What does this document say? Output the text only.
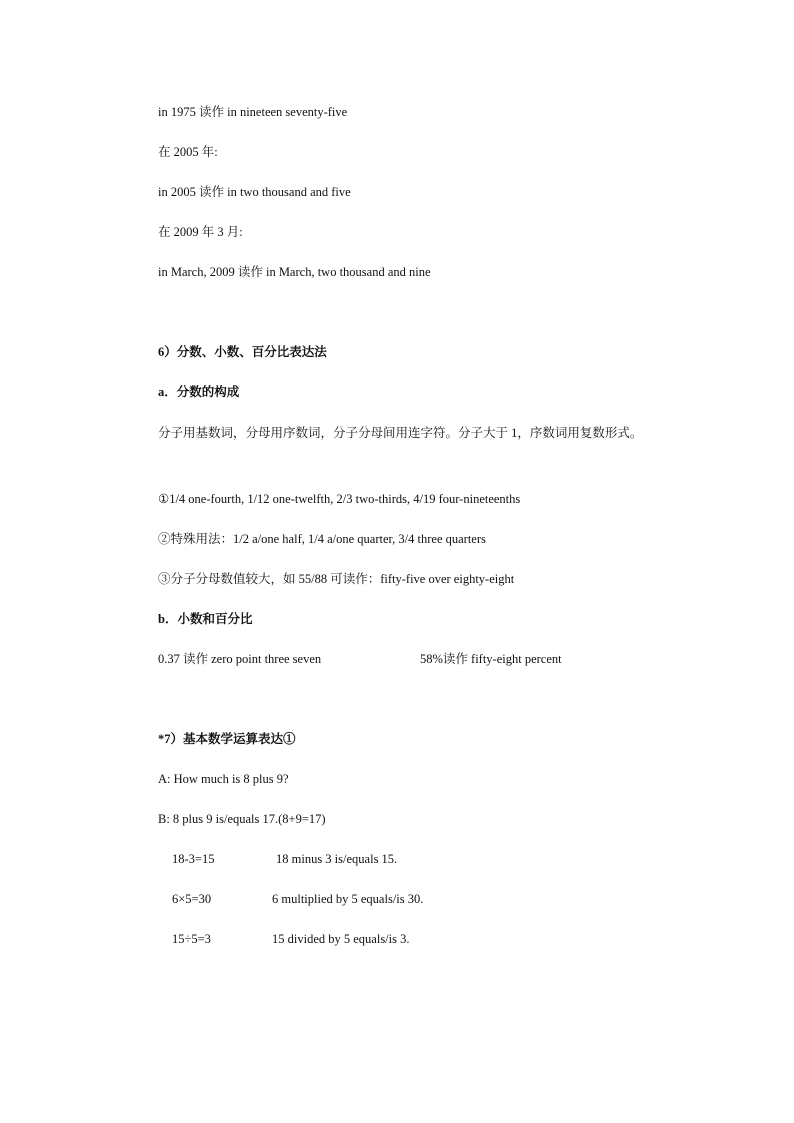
in 1975 读作 in nineteen seventy-five
在 2005 年:
in 2005 读作 in two thousand and five
在 2009 年 3 月:
in March, 2009 读作 in March, two thousand and nine
6）分数、小数、百分比表达法
a．分数的构成
分子用基数词，分母用序数词，分子分母间用连字符。分子大于 1，序数词用复数形式。
①1/4 one-fourth, 1/12 one-twelfth, 2/3 two-thirds, 4/19 four-nineteenths
②特殊用法：1/2 a/one half, 1/4 a/one quarter, 3/4 three quarters
③分子分母数值较大，如 55/88 可读作：fifty-five over eighty-eight
b．小数和百分比
0.37 读作 zero point three seven	58%读作 fifty-eight percent
*7）基本数学运算表达①
A: How much is 8 plus 9?
B: 8 plus 9 is/equals 17.(8+9=17)
18-3=15	18 minus 3 is/equals 15.
6×5=30	6 multiplied by 5 equals/is 30.
15÷5=3	15 divided by 5 equals/is 3.
